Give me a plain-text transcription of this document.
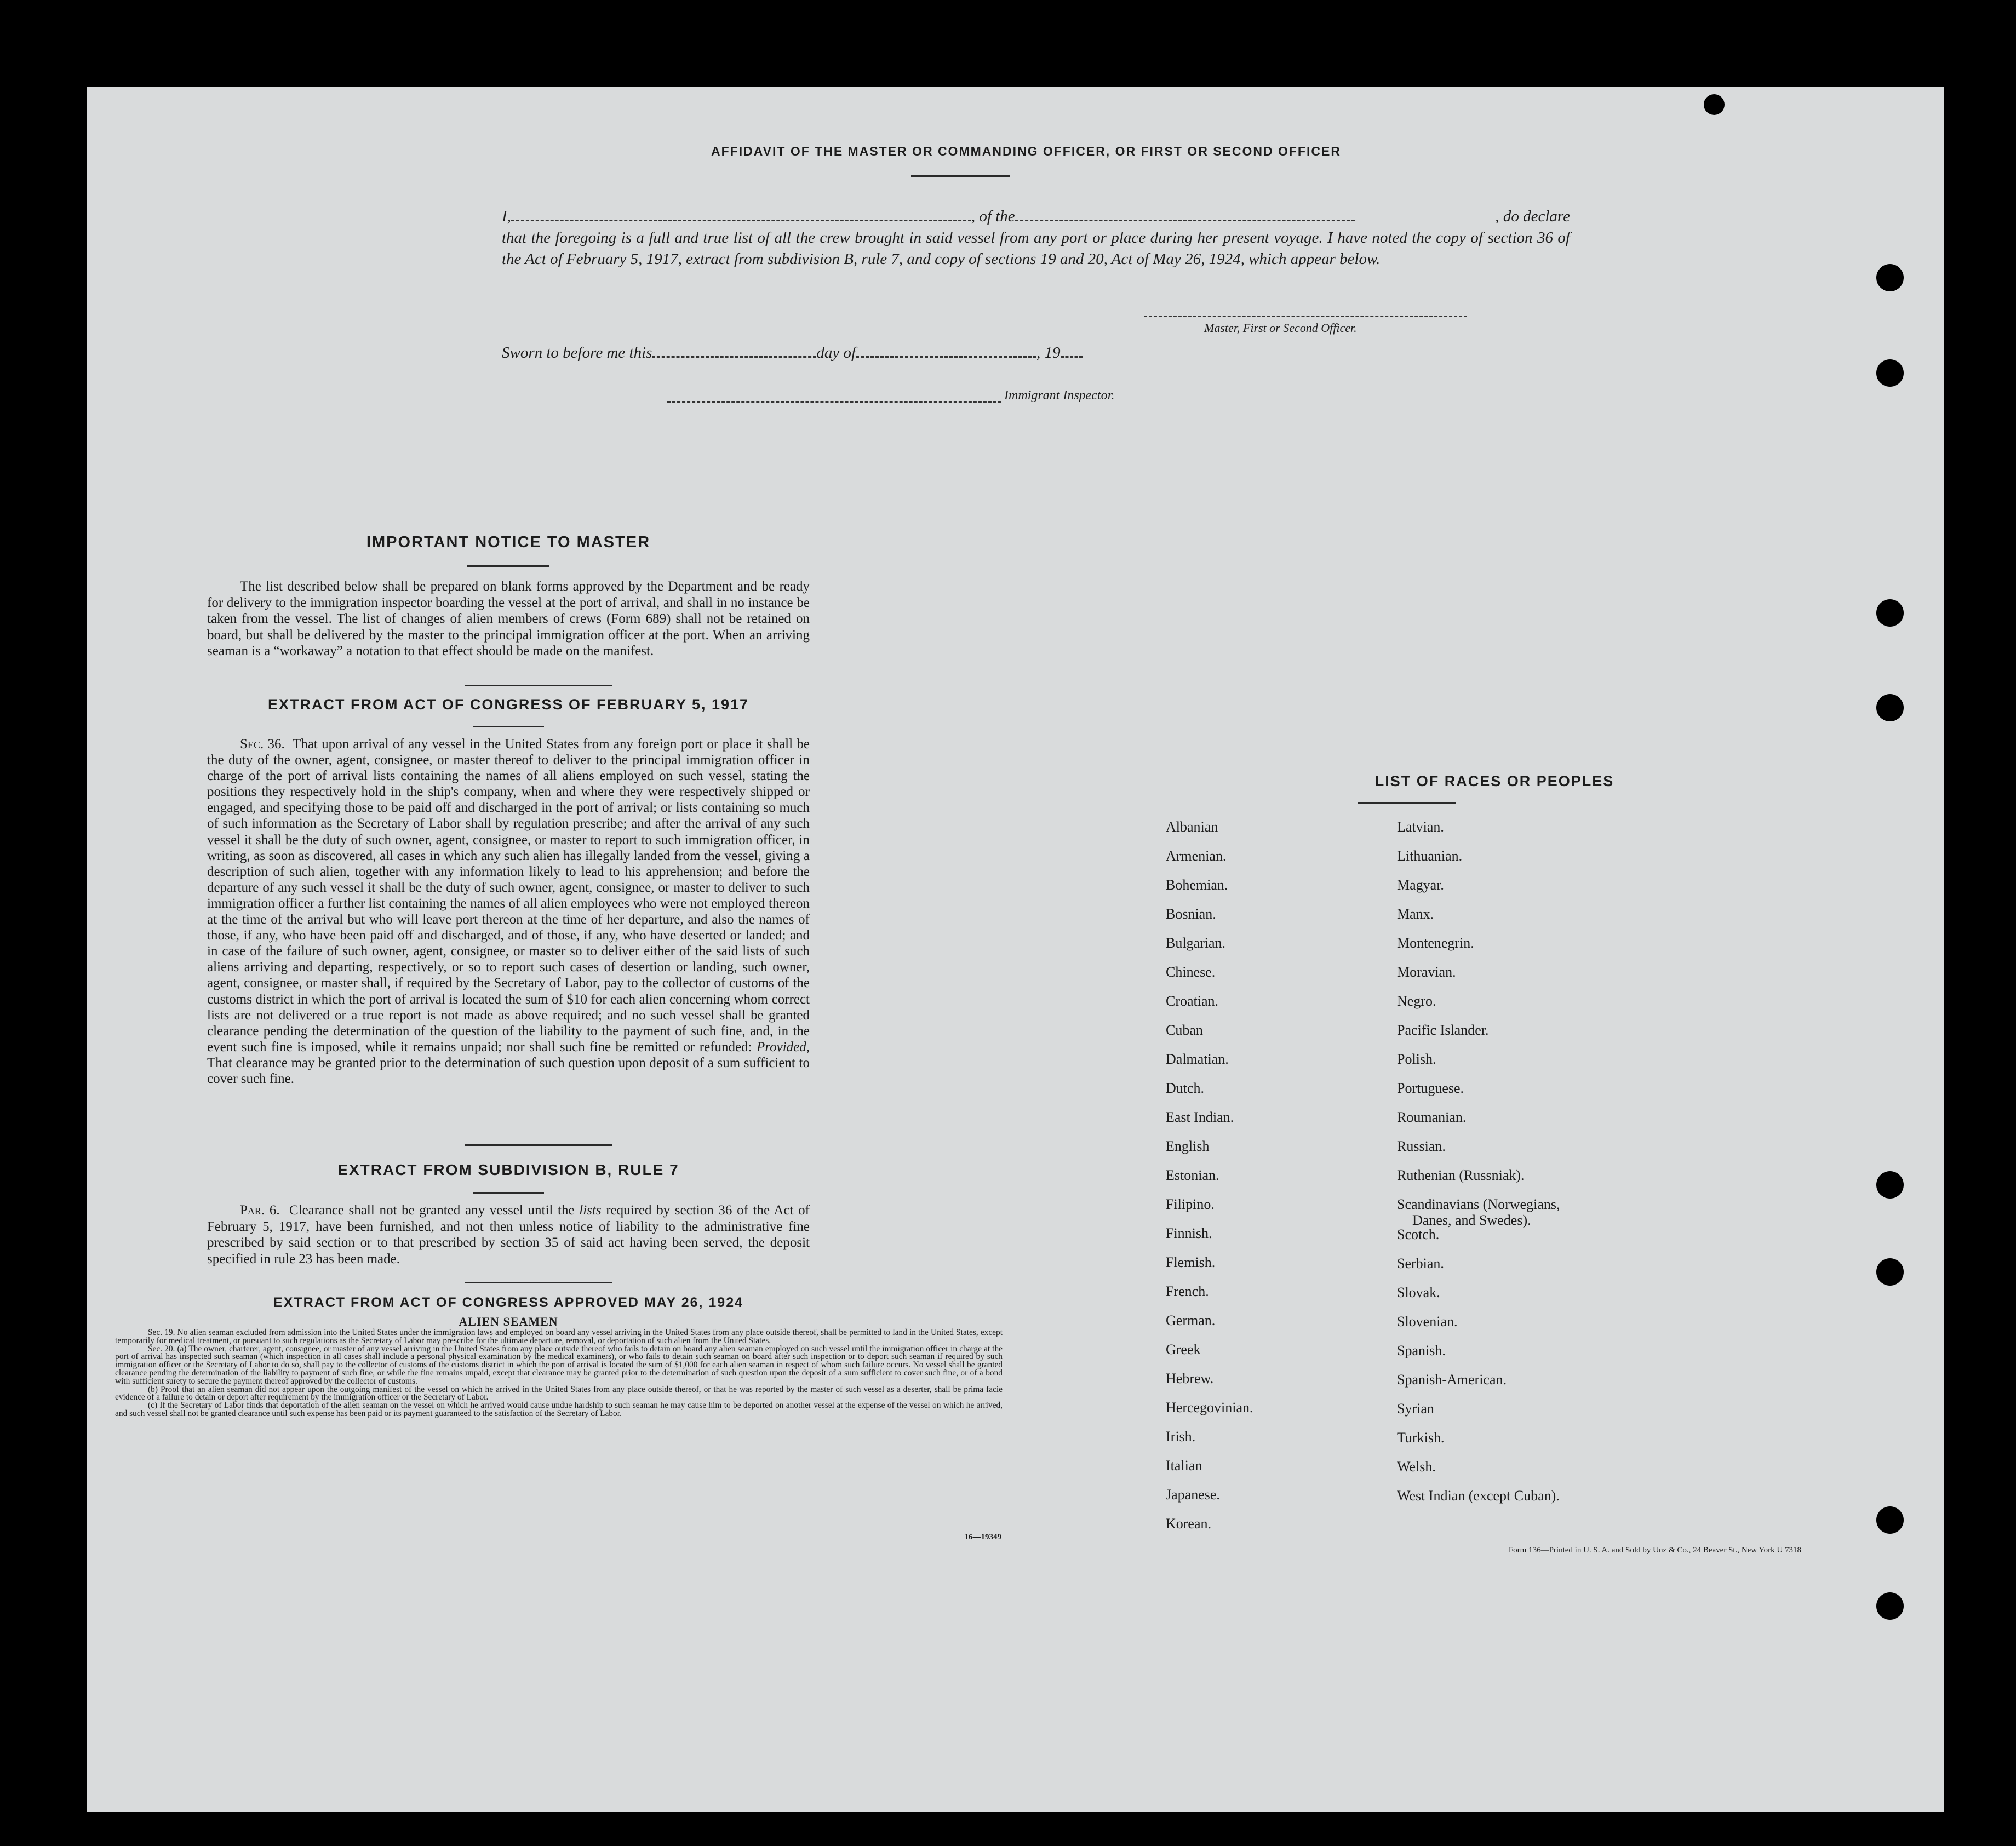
AFFIDAVIT OF THE MASTER OR COMMANDING OFFICER, OR FIRST OR SECOND OFFICER
I,	, of the	, do declare
that the foregoing is a full and true list of all the crew brought in said vessel from any port or place during her present voyage. I have noted the copy of section 36 of the Act of February 5, 1917, extract from subdivision B, rule 7, and copy of sections 19 and 20, Act of May 26, 1924, which appear below.
Master, First or Second Officer.
Sworn to before me this	day of	, 19
Immigrant Inspector.
IMPORTANT NOTICE TO MASTER
The list described below shall be prepared on blank forms approved by the Department and be ready for delivery to the immigration inspector boarding the vessel at the port of arrival, and shall in no instance be taken from the vessel. The list of changes of alien members of crews (Form 689) shall not be retained on board, but shall be delivered by the master to the principal immigration officer at the port. When an arriving seaman is a “workaway” a notation to that effect should be made on the manifest.
EXTRACT FROM ACT OF CONGRESS OF FEBRUARY 5, 1917
Sec. 36. That upon arrival of any vessel in the United States from any foreign port or place it shall be the duty of the owner, agent, consignee, or master thereof to deliver to the principal immigration officer in charge of the port of arrival lists containing the names of all aliens employed on such vessel, stating the positions they respectively hold in the ship's company, when and where they were respectively shipped or engaged, and specifying those to be paid off and discharged in the port of arrival; or lists containing so much of such information as the Secretary of Labor shall by regulation prescribe; and after the arrival of any such vessel it shall be the duty of such owner, agent, consignee, or master to report to such immigration officer, in writing, as soon as discovered, all cases in which any such alien has illegally landed from the vessel, giving a description of such alien, together with any information likely to lead to his apprehension; and before the departure of any such vessel it shall be the duty of such owner, agent, consignee, or master to deliver to such immigration officer a further list containing the names of all alien employees who were not employed thereon at the time of the arrival but who will leave port thereon at the time of her departure, and also the names of those, if any, who have been paid off and discharged, and of those, if any, who have deserted or landed; and in case of the failure of such owner, agent, consignee, or master so to deliver either of the said lists of such aliens arriving and departing, respectively, or so to report such cases of desertion or landing, such owner, agent, consignee, or master shall, if required by the Secretary of Labor, pay to the collector of customs of the customs district in which the port of arrival is located the sum of $10 for each alien concerning whom correct lists are not delivered or a true report is not made as above required; and no such vessel shall be granted clearance pending the determination of the question of the liability to the payment of such fine, and, in the event such fine is imposed, while it remains unpaid; nor shall such fine be remitted or refunded: Provided, That clearance may be granted prior to the determination of such question upon deposit of a sum sufficient to cover such fine.
EXTRACT FROM SUBDIVISION B, RULE 7
Par. 6. Clearance shall not be granted any vessel until the lists required by section 36 of the Act of February 5, 1917, have been furnished, and not then unless notice of liability to the administrative fine prescribed by said section or to that prescribed by section 35 of said act having been served, the deposit specified in rule 23 has been made.
EXTRACT FROM ACT OF CONGRESS APPROVED MAY 26, 1924
ALIEN SEAMEN
Sec. 19. No alien seaman excluded from admission into the United States under the immigration laws and employed on board any vessel arriving in the United States from any place outside thereof, shall be permitted to land in the United States, except temporarily for medical treatment, or pursuant to such regulations as the Secretary of Labor may prescribe for the ultimate departure, removal, or deportation of such alien from the United States.
Sec. 20. (a) The owner, charterer, agent, consignee, or master of any vessel arriving in the United States from any place outside thereof who fails to detain on board any alien seaman employed on such vessel until the immigration officer in charge at the port of arrival has inspected such seaman (which inspection in all cases shall include a personal physical examination by the medical examiners), or who fails to detain such seaman on board after such inspection or to deport such seaman if required by such immigration officer or the Secretary of Labor to do so, shall pay to the collector of customs of the customs district in which the port of arrival is located the sum of $1,000 for each alien seaman in respect of whom such failure occurs. No vessel shall be granted clearance pending the determination of the liability to payment of such fine, or while the fine remains unpaid, except that clearance may be granted prior to the determination of such question upon the deposit of a sum sufficient to cover such fine, or of a bond with sufficient surety to secure the payment thereof approved by the collector of customs.
(b) Proof that an alien seaman did not appear upon the outgoing manifest of the vessel on which he arrived in the United States from any place outside thereof, or that he was reported by the master of such vessel as a deserter, shall be prima facie evidence of a failure to detain or deport after requirement by the immigration officer or the Secretary of Labor.
(c) If the Secretary of Labor finds that deportation of the alien seaman on the vessel on which he arrived would cause undue hardship to such seaman he may cause him to be deported on another vessel at the expense of the vessel on which he arrived, and such vessel shall not be granted clearance until such expense has been paid or its payment guaranteed to the satisfaction of the Secretary of Labor.
16—19349
LIST OF RACES OR PEOPLES
Form 136—Printed in U. S. A. and Sold by Unz & Co., 24 Beaver St., New York U 7318
Albanian
Armenian.
Bohemian.
Bosnian.
Bulgarian.
Chinese.
Croatian.
Cuban
Dalmatian.
Dutch.
East Indian.
English
Estonian.
Filipino.
Finnish.
Flemish.
French.
German.
Greek
Hebrew.
Hercegovinian.
Irish.
Italian
Japanese.
Korean.
Latvian.
Lithuanian.
Magyar.
Manx.
Montenegrin.
Moravian.
Negro.
Pacific Islander.
Polish.
Portuguese.
Roumanian.
Russian.
Ruthenian (Russniak).
Scandinavians (Norwegians,
Danes, and Swedes).
Scotch.
Serbian.
Slovak.
Slovenian.
Spanish.
Spanish-American.
Syrian
Turkish.
Welsh.
West Indian (except Cuban).
